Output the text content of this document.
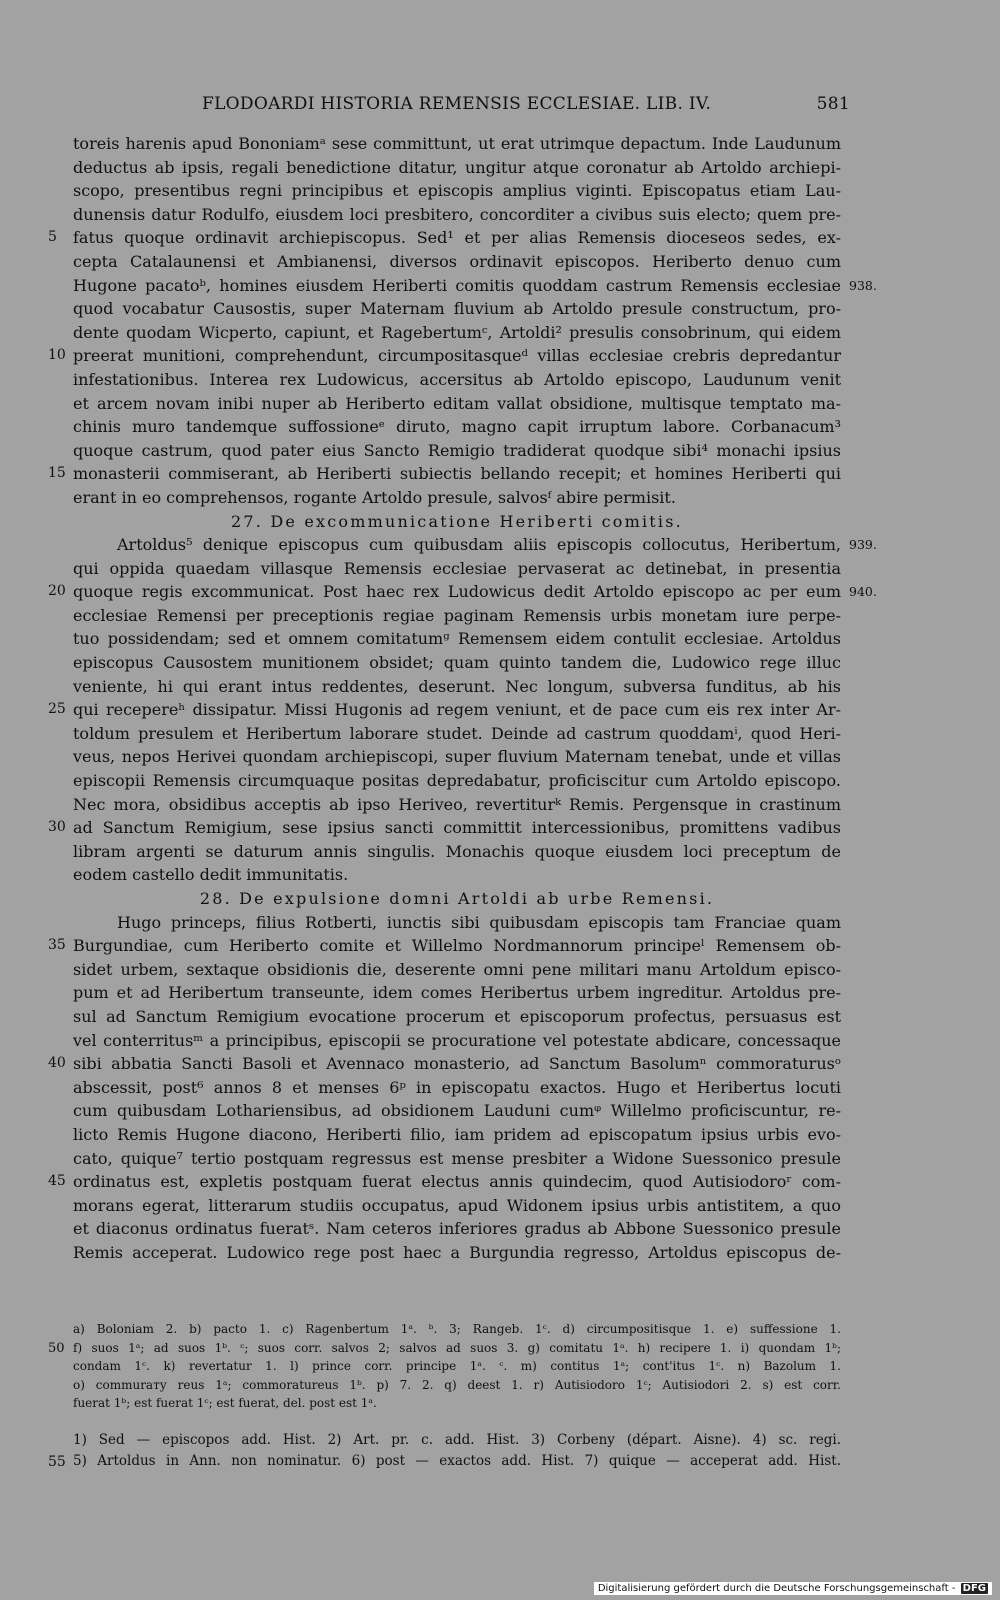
FLODOARDI HISTORIA REMENSIS ECCLESIAE. LIB. IV.	581
toreis harenis apud Bononiamᵃ sese committunt, ut erat utrimque depactum. Inde Laudunum
deductus ab ipsis, regali benedictione ditatur, ungitur atque coronatur ab Artoldo archiepi-
scopo, presentibus regni principibus et episcopis amplius viginti. Episcopatus etiam Lau-
dunensis datur Rodulfo, eiusdem loci presbitero, concorditer a civibus suis electo; quem pre-
5 fatus quoque ordinavit archiepiscopus. Sed¹ et per alias Remensis dioceseos sedes, ex-
cepta Catalaunensi et Ambianensi, diversos ordinavit episcopos. Heriberto denuo cum
Hugone pacatoᵇ, homines eiusdem Heriberti comitis quoddam castrum Remensis ecclesiae 938.
quod vocabatur Causostis, super Maternam fluvium ab Artoldo presule constructum, pro-
dente quodam Wicperto, capiunt, et Ragebertumᶜ, Artoldi² presulis consobrinum, qui eidem
10 preerat munitioni, comprehendunt, circumpositasqueᵈ villas ecclesiae crebris depredantur
infestationibus. Interea rex Ludowicus, accersitus ab Artoldo episcopo, Laudunum venit
et arcem novam inibi nuper ab Heriberto editam vallat obsidione, multisque temptato ma-
chinis muro tandemque suffossioneᵉ diruto, magno capit irruptum labore. Corbanacum³
quoque castrum, quod pater eius Sancto Remigio tradiderat quodque sibi⁴ monachi ipsius
15 monasterii commiserant, ab Heriberti subiectis bellando recepit; et homines Heriberti qui
erant in eo comprehensos, rogante Artoldo presule, salvosᶠ abire permisit.
27. De excommunicatione Heriberti comitis.
Artoldus⁵ denique episcopus cum quibusdam aliis episcopis collocutus, Heribertum, 939.
qui oppida quaedam villasque Remensis ecclesiae pervaserat ac detinebat, in presentia
20 quoque regis excommunicat. Post haec rex Ludowicus dedit Artoldo episcopo ac per eum 940.
ecclesiae Remensi per preceptionis regiae paginam Remensis urbis monetam iure perpe-
tuo possidendam; sed et omnem comitatumᵍ Remensem eidem contulit ecclesiae. Artoldus
episcopus Causostem munitionem obsidet; quam quinto tandem die, Ludowico rege illuc
veniente, hi qui erant intus reddentes, deserunt. Nec longum, subversa funditus, ab his
25 qui recepereʰ dissipatur. Missi Hugonis ad regem veniunt, et de pace cum eis rex inter Ar-
toldum presulem et Heribertum laborare studet. Deinde ad castrum quoddamⁱ, quod Heri-
veus, nepos Herivei quondam archiepiscopi, super fluvium Maternam tenebat, unde et villas
episcopii Remensis circumquaque positas depredabatur, proficiscitur cum Artoldo episcopo.
Nec mora, obsidibus acceptis ab ipso Heriveo, revertiturᵏ Remis. Pergensque in crastinum
30 ad Sanctum Remigium, sese ipsius sancti committit intercessionibus, promittens vadibus
libram argenti se daturum annis singulis. Monachis quoque eiusdem loci preceptum de
eodem castello dedit immunitatis.
28. De expulsione domni Artoldi ab urbe Remensi.
Hugo princeps, filius Rotberti, iunctis sibi quibusdam episcopis tam Franciae quam
35 Burgundiae, cum Heriberto comite et Willelmo Nordmannorum principeˡ Remensem ob-
sidet urbem, sextaque obsidionis die, deserente omni pene militari manu Artoldum episco-
pum et ad Heribertum transeunte, idem comes Heribertus urbem ingreditur. Artoldus pre-
sul ad Sanctum Remigium evocatione procerum et episcoporum profectus, persuasus est
vel conterritusᵐ a principibus, episcopii se procuratione vel potestate abdicare, concessaque
40 sibi abbatia Sancti Basoli et Avennaco monasterio, ad Sanctum Basolumⁿ commoraturusᵒ
abscessit, post⁶ annos 8 et menses 6ᵖ in episcopatu exactos. Hugo et Heribertus locuti
cum quibusdam Lothariensibus, ad obsidionem Lauduni cumᵠ Willelmo proficiscuntur, re-
licto Remis Hugone diacono, Heriberti filio, iam pridem ad episcopatum ipsius urbis evo-
cato, quique⁷ tertio postquam regressus est mense presbiter a Widone Suessonico presule
45 ordinatus est, expletis postquam fuerat electus annis quindecim, quod Autisiodoroʳ com-
morans egerat, litterarum studiis occupatus, apud Widonem ipsius urbis antistitem, a quo
et diaconus ordinatus fueratˢ. Nam ceteros inferiores gradus ab Abbone Suessonico presule
Remis acceperat. Ludowico rege post haec a Burgundia regresso, Artoldus episcopus de-
a) Boloniam 2. b) pacto 1. c) Ragenbertum 1ᵃ. ᵇ. 3; Rangeb. 1ᶜ. d) circumpositisque 1. e) suffessione 1.
50 f) suos 1ᵃ; ad suos 1ᵇ. ᶜ; suos corr. salvos 2; salvos ad suos 3. g) comitatu 1ᵃ. h) recipere 1. i) quondam 1ᵇ;
condam 1ᶜ. k) revertatur 1. l) prince corr. principe 1ᵃ. ᶜ. m) contitus 1ᵃ; cont'itus 1ᶜ. n) Bazolum 1.
o) commurату reus 1ᵃ; commoratureus 1ᵇ. p) 7. 2. q) deest 1. r) Autisiodoro 1ᶜ; Autisiodori 2. s) est corr.
fuerat 1ᵇ; est fuerat 1ᶜ; est fuerat, del. post est 1ᵃ.
1) Sed — episcopos add. Hist. 2) Art. pr. c. add. Hist. 3) Corbeny (départ. Aisne). 4) sc. regi.
55 5) Artoldus in Ann. non nominatur. 6) post — exactos add. Hist. 7) quique — acceperat add. Hist.
Digitalisierung gefördert durch die Deutsche Forschungsgemeinschaft - DFG
